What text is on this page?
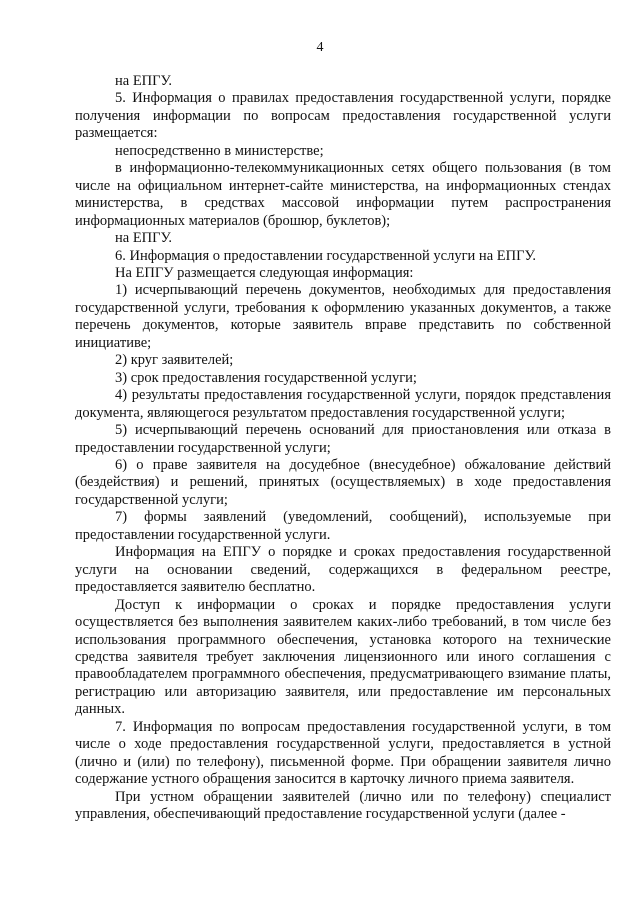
4

на ЕПГУ.

5. Информация о правилах предоставления государственной услуги, порядке получения информации по вопросам предоставления государственной услуги размещается:

непосредственно в министерстве;

в информационно-телекоммуникационных сетях общего пользования (в том числе на официальном интернет-сайте министерства, на информационных стендах министерства, в средствах массовой информации путем распространения информационных материалов (брошюр, буклетов);

на ЕПГУ.

6. Информация о предоставлении государственной услуги на ЕПГУ.

На ЕПГУ размещается следующая информация:

1) исчерпывающий перечень документов, необходимых для предоставления государственной услуги, требования к оформлению указанных документов, а также перечень документов, которые заявитель вправе представить по собственной инициативе;

2) круг заявителей;

3) срок предоставления государственной услуги;

4) результаты предоставления государственной услуги, порядок представления документа, являющегося результатом предоставления государственной услуги;

5) исчерпывающий перечень оснований для приостановления или отказа в предоставлении государственной услуги;

6) о праве заявителя на досудебное (внесудебное) обжалование действий (бездействия) и решений, принятых (осуществляемых) в ходе предоставления государственной услуги;

7) формы заявлений (уведомлений, сообщений), используемые при предоставлении государственной услуги.

Информация на ЕПГУ о порядке и сроках предоставления государственной услуги на основании сведений, содержащихся в федеральном реестре, предоставляется заявителю бесплатно.

Доступ к информации о сроках и порядке предоставления услуги осуществляется без выполнения заявителем каких-либо требований, в том числе без использования программного обеспечения, установка которого на технические средства заявителя требует заключения лицензионного или иного соглашения с правообладателем программного обеспечения, предусматривающего взимание платы, регистрацию или авторизацию заявителя, или предоставление им персональных данных.

7. Информация по вопросам предоставления государственной услуги, в том числе о ходе предоставления государственной услуги, предоставляется в устной (лично и (или) по телефону), письменной форме. При обращении заявителя лично содержание устного обращения заносится в карточку личного приема заявителя.

При устном обращении заявителей (лично или по телефону) специалист управления, обеспечивающий предоставление государственной услуги (далее -
